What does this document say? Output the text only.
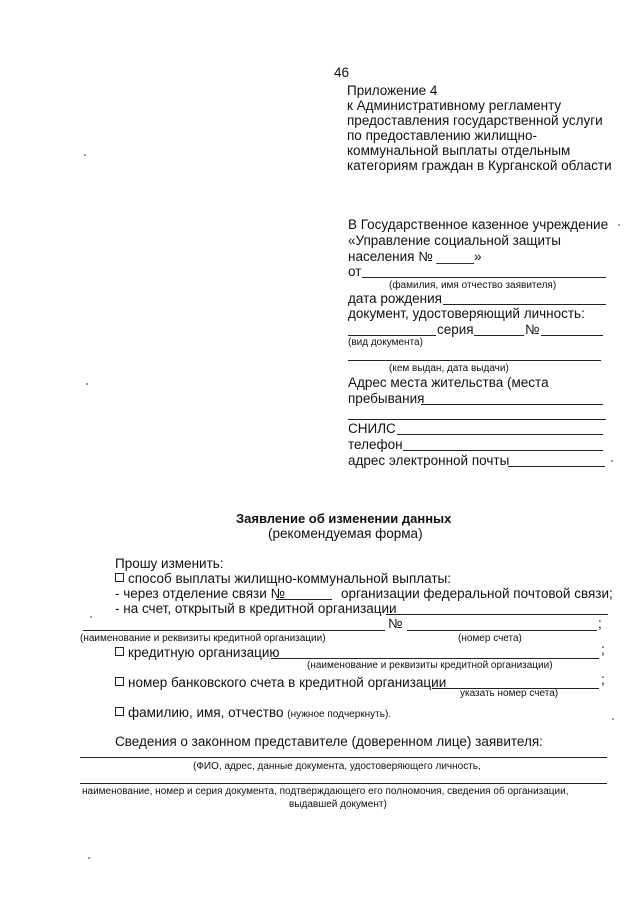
46
Приложение 4
к Административному регламенту
предоставления государственной услуги
по предоставлению жилищно-
коммунальной выплаты отдельным
категориям граждан в Курганской области
В Государственное казенное учреждение
«Управление социальной защиты
населения № _____»
от
(фамилия, имя отчество заявителя)
дата рождения
документ, удостоверяющий личность:
серия	№
(вид документа)
(кем выдан, дата выдачи)
Адрес места жительства (места
пребывания
СНИЛС
телефон
адрес электронной почты
Заявление об изменении данных
(рекомендуемая форма)
Прошу изменить:
способ выплаты жилищно-коммунальной выплаты:
- через отделение связи №	организации федеральной почтовой связи;
- на счет, открытый в кредитной организации
№	;
(наименование и реквизиты кредитной организации)	(номер счета)
кредитную организацию	;
(наименование и реквизиты кредитной организации)
номер банковского счета в кредитной организации	;
указать номер счета)
фамилию, имя, отчество (нужное подчеркнуть).
Сведения о законном представителе (доверенном лице) заявителя:
(ФИО, адрес, данные документа, удостоверяющего личность,
наименование, номер и серия документа, подтверждающего его полномочия, сведения об организации,
выдавшей документ)
